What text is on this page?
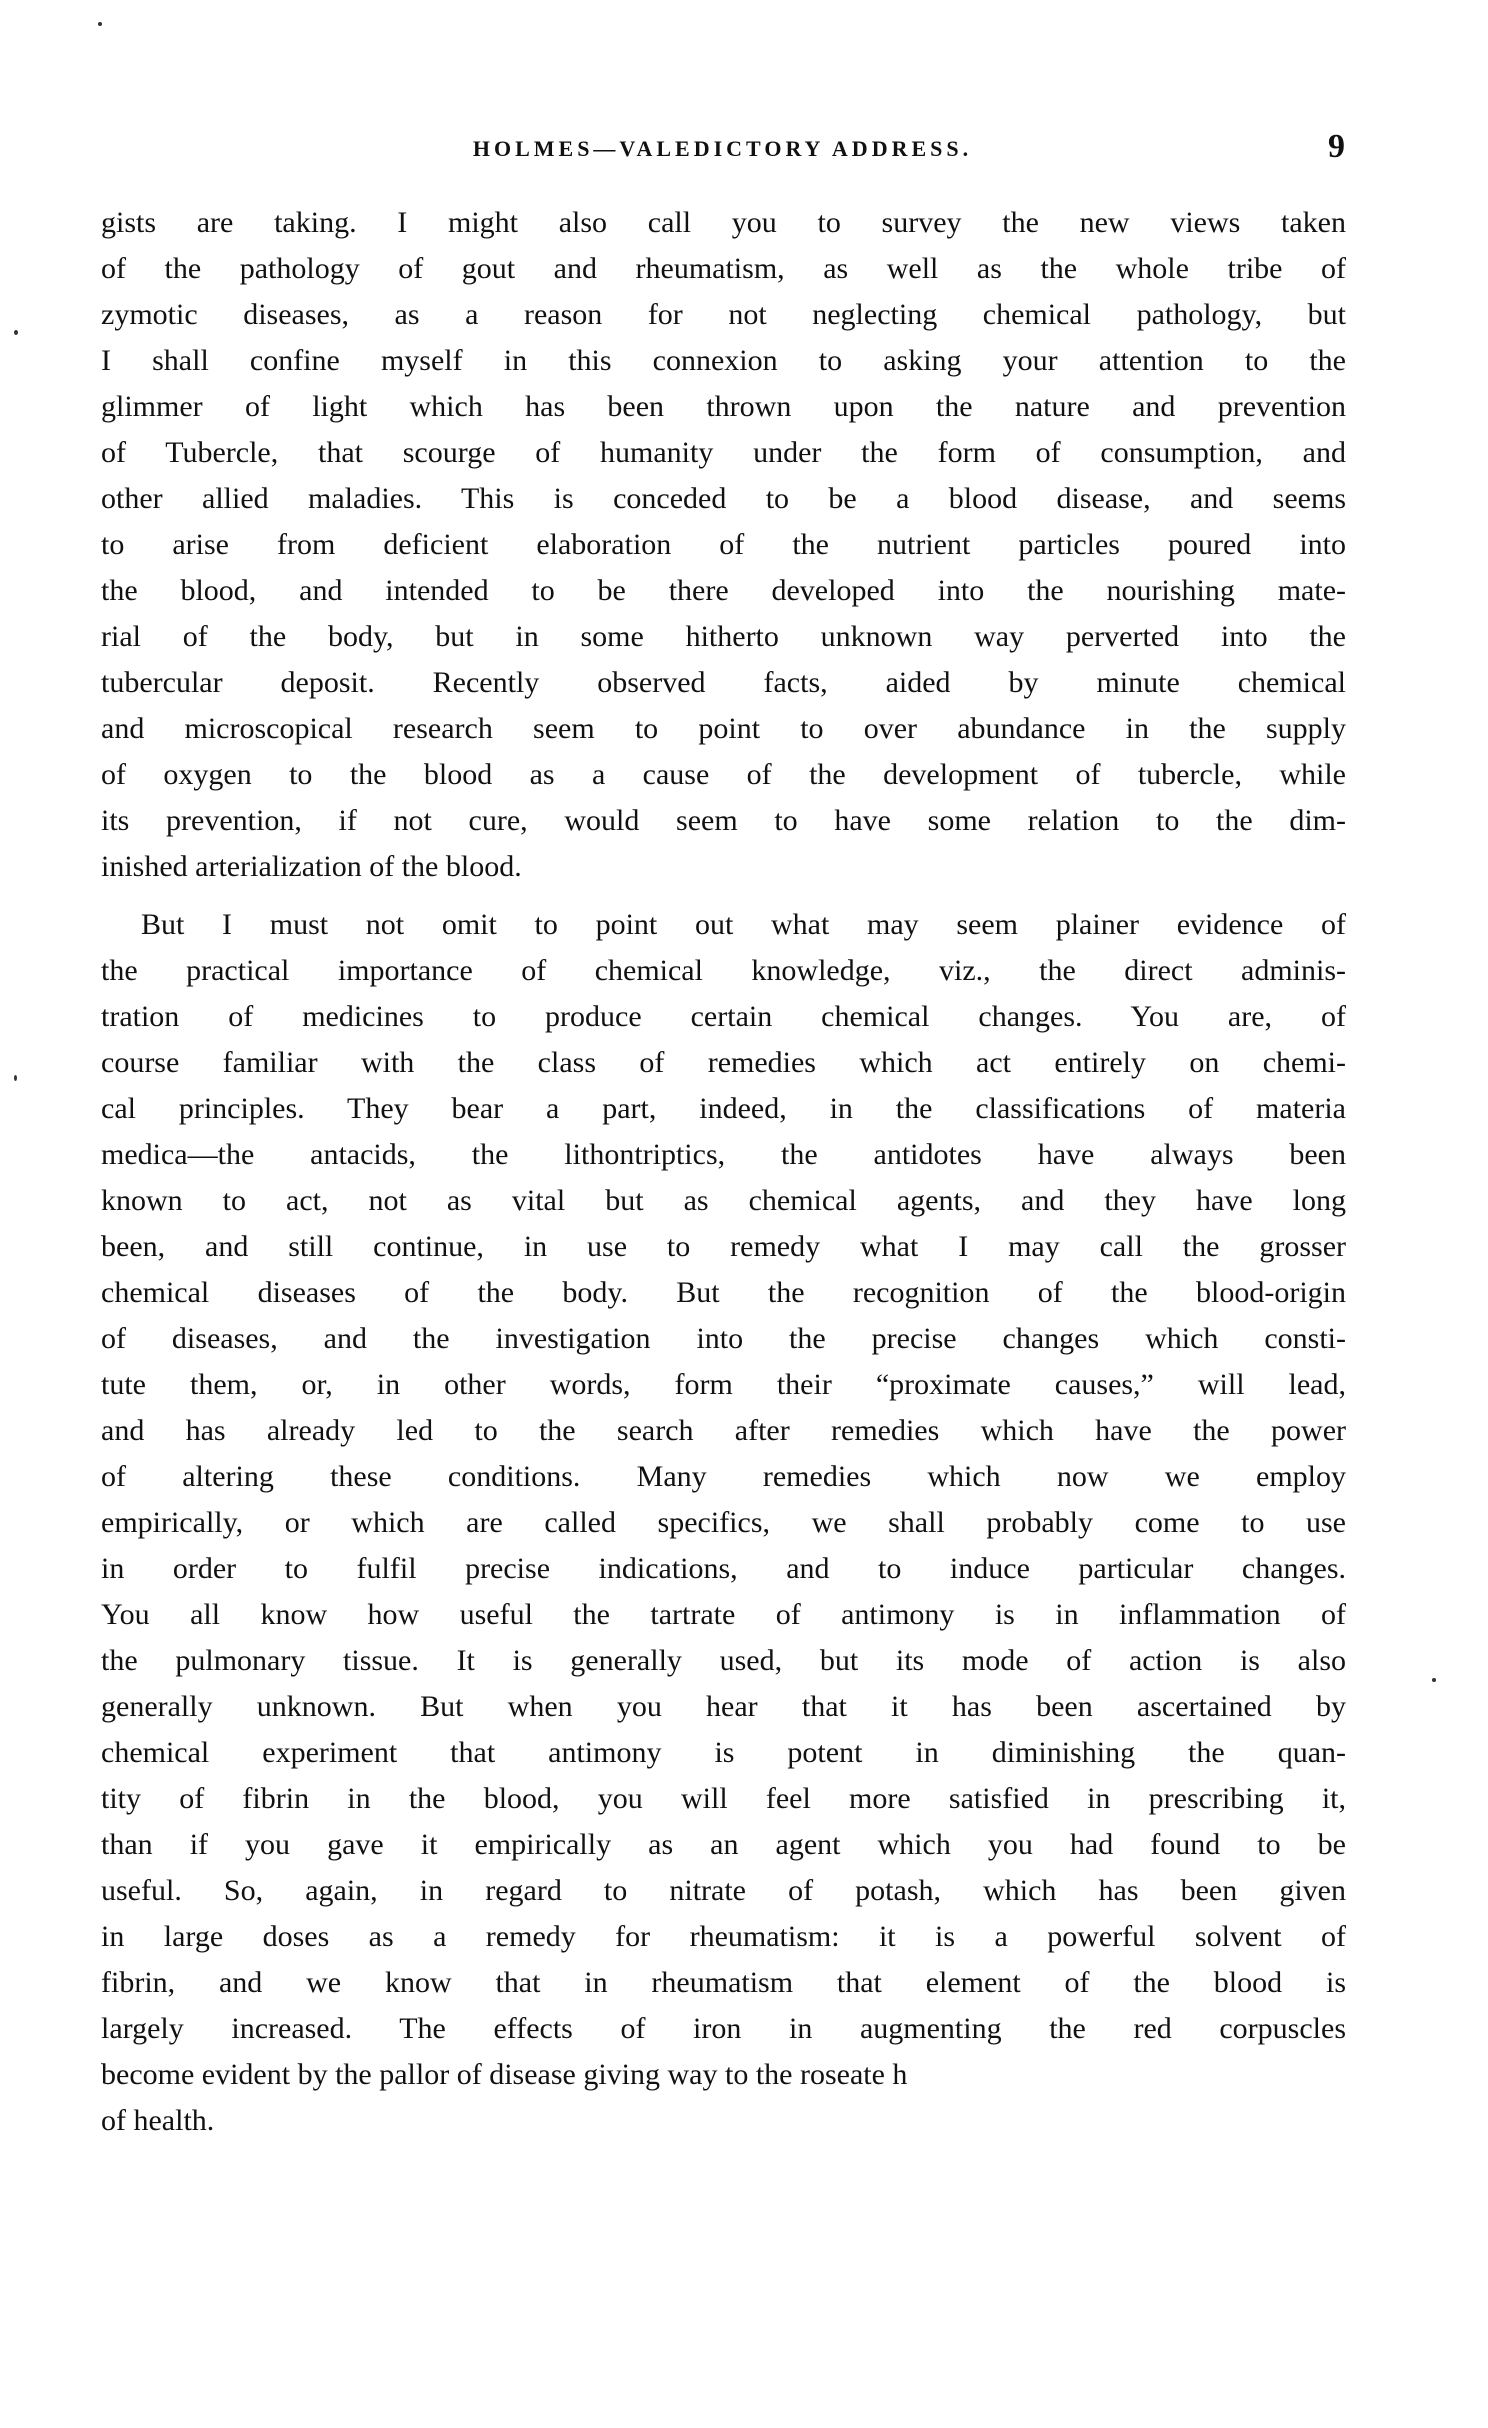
HOLMES—VALEDICTORY ADDRESS.	9
gists are taking. I might also call you to survey the new views taken
of the pathology of gout and rheumatism, as well as the whole tribe of
zymotic diseases, as a reason for not neglecting chemical pathology, but
I shall confine myself in this connexion to asking your attention to the
glimmer of light which has been thrown upon the nature and prevention
of Tubercle, that scourge of humanity under the form of consumption, and
other allied maladies. This is conceded to be a blood disease, and seems
to arise from deficient elaboration of the nutrient particles poured into
the blood, and intended to be there developed into the nourishing mate-
rial of the body, but in some hitherto unknown way perverted into the
tubercular deposit. Recently observed facts, aided by minute chemical
and microscopical research seem to point to over abundance in the supply
of oxygen to the blood as a cause of the development of tubercle, while
its prevention, if not cure, would seem to have some relation to the dim-
inished arterialization of the blood.
But I must not omit to point out what may seem plainer evidence of
the practical importance of chemical knowledge, viz., the direct adminis-
tration of medicines to produce certain chemical changes. You are, of
course familiar with the class of remedies which act entirely on chemi-
cal principles. They bear a part, indeed, in the classifications of materia
medica—the antacids, the lithontriptics, the antidotes have always been
known to act, not as vital but as chemical agents, and they have long
been, and still continue, in use to remedy what I may call the grosser
chemical diseases of the body. But the recognition of the blood-origin
of diseases, and the investigation into the precise changes which consti-
tute them, or, in other words, form their “proximate causes,” will lead,
and has already led to the search after remedies which have the power
of altering these conditions. Many remedies which now we employ
empirically, or which are called specifics, we shall probably come to use
in order to fulfil precise indications, and to induce particular changes.
You all know how useful the tartrate of antimony is in inflammation of
the pulmonary tissue. It is generally used, but its mode of action is also
generally unknown. But when you hear that it has been ascertained by
chemical experiment that antimony is potent in diminishing the quan-
tity of fibrin in the blood, you will feel more satisfied in prescribing it,
than if you gave it empirically as an agent which you had found to be
useful. So, again, in regard to nitrate of potash, which has been given
in large doses as a remedy for rheumatism: it is a powerful solvent of
fibrin, and we know that in rheumatism that element of the blood is
largely increased. The effects of iron in augmenting the red corpuscles
become evident by the pallor of disease giving way to the roseate h
of health.
